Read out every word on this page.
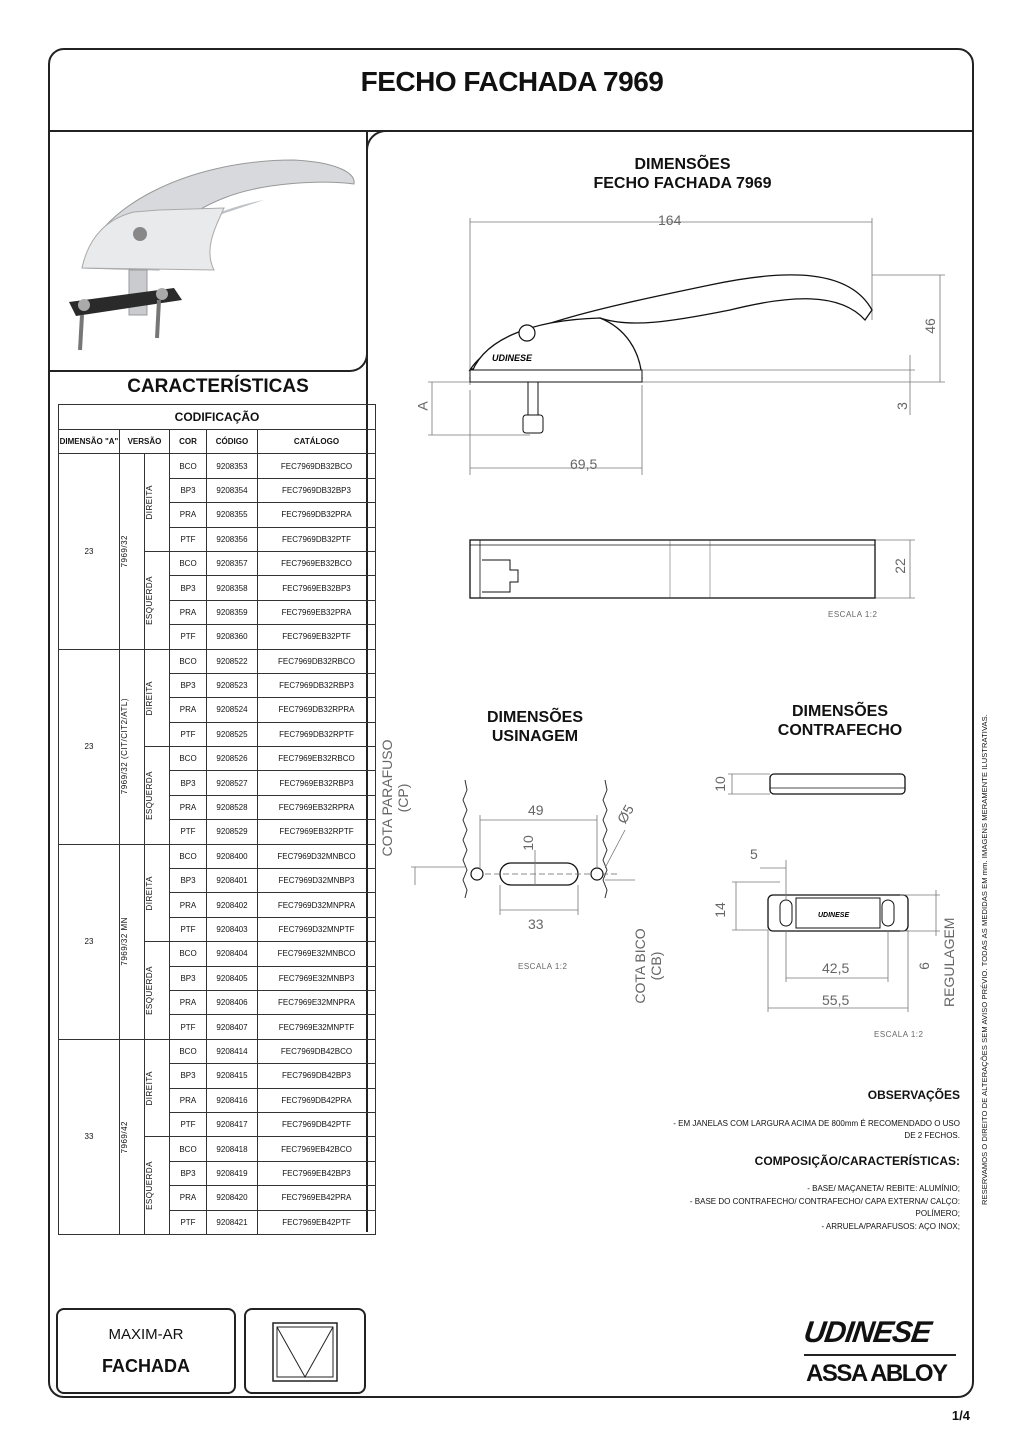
FECHO FACHADA 7969
DIMENSÕES
FECHO FACHADA 7969
UDINESE
164
46
3
A
69,5
22
ESCALA 1:2
DIMENSÕES
USINAGEM
DIMENSÕES
CONTRAFECHO
49
10
Ø5
33
COTA PARAFUSO (CP)
COTA BICO (CB)
ESCALA 1:2
UDINESE
10
5
14
42,5
55,5
6 REGULAGEM
ESCALA 1:2
CARACTERÍSTICAS
CODIFICAÇÃO					
DIMENSÃO "A"	VERSÃO		COR	CÓDIGO	CATÁLOGO
23	7969/32	DIREITA	BCO	9208353	FEC7969DB32BCO
			BP3	9208354	FEC7969DB32BP3
			PRA	9208355	FEC7969DB32PRA
			PTF	9208356	FEC7969DB32PTF

		ESQUERDA	BCO	9208357	FEC7969EB32BCO
			BP3	9208358	FEC7969EB32BP3
			PRA	9208359	FEC7969EB32PRA
			PTF	9208360	FEC7969EB32PTF
23	7969/32 (CIT/CIT2/ATL)	DIREITA	BCO	9208522	FEC7969DB32RBCO
			BP3	9208523	FEC7969DB32RBP3
			PRA	9208524	FEC7969DB32RPRA
			PTF	9208525	FEC7969DB32RPTF

		ESQUERDA	BCO	9208526	FEC7969EB32RBCO
			BP3	9208527	FEC7969EB32RBP3
			PRA	9208528	FEC7969EB32RPRA
			PTF	9208529	FEC7969EB32RPTF
23	7969/32 MN	DIREITA	BCO	9208400	FEC7969D32MNBCO
			BP3	9208401	FEC7969D32MNBP3
			PRA	9208402	FEC7969D32MNPRA
			PTF	9208403	FEC7969D32MNPTF

		ESQUERDA	BCO	9208404	FEC7969E32MNBCO
			BP3	9208405	FEC7969E32MNBP3
			PRA	9208406	FEC7969E32MNPRA
			PTF	9208407	FEC7969E32MNPTF
33	7969/42	DIREITA	BCO	9208414	FEC7969DB42BCO
			BP3	9208415	FEC7969DB42BP3
			PRA	9208416	FEC7969DB42PRA
			PTF	9208417	FEC7969DB42PTF

		ESQUERDA	BCO	9208418	FEC7969EB42BCO
			BP3	9208419	FEC7969EB42BP3
			PRA	9208420	FEC7969EB42PRA
			PTF	9208421	FEC7969EB42PTF
OBSERVAÇÕES
- EM JANELAS COM LARGURA ACIMA DE 800mm É RECOMENDADO O USO DE 2 FECHOS.
COMPOSIÇÃO/CARACTERÍSTICAS:
- BASE/ MAÇANETA/ REBITE: ALUMÍNIO;
- BASE DO CONTRAFECHO/ CONTRAFECHO/ CAPA EXTERNA/ CALÇO: POLÍMERO;
- ARRUELA/PARAFUSOS: AÇO INOX;
RESERVAMOS O DIREITO DE ALTERAÇÕES SEM AVISO PRÉVIO. TODAS AS MEDIDAS EM mm. IMAGENS MERAMENTE ILUSTRATIVAS.
MAXIM-AR
FACHADA
UDINESE
ASSA ABLOY
1/4
